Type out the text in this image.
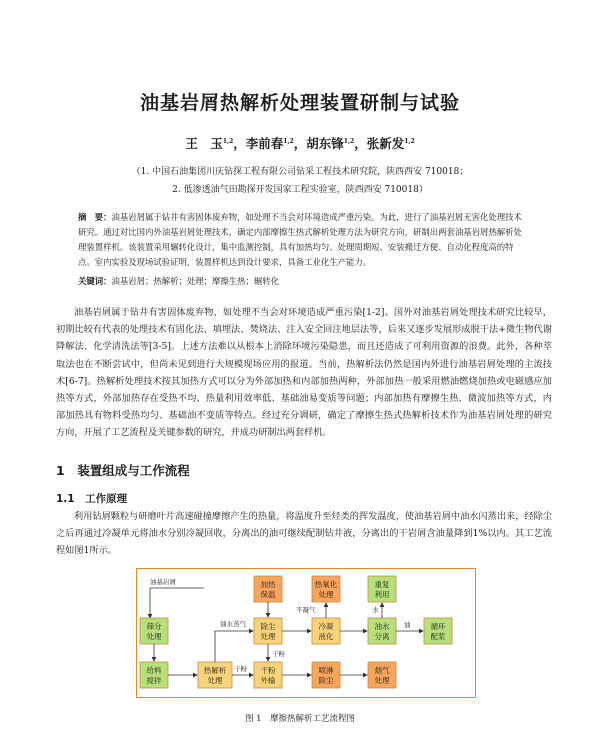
油基岩屑热解析处理装置研制与试验
王　玉$^{1,2}$，李前春$^{1,2}$，胡东锋$^{1,2}$，张新发$^{1,2}$
（1. 中国石油集团川庆钻探工程有限公司钻采工程技术研究院，陕西西安 710018；
2. 低渗透油气田勘探开发国家工程实验室，陕西西安 710018）
摘　要：油基岩屑属于钻井有害固体废弃物，如处理不当会对环境造成严重污染。为此，进行了油基岩屑无害化处理技术研究。通过对比国内外油基岩屑处理技术，确定内部摩擦生热式解析处理方法为研究方向，研制出两套油基岩屑热解析处理装置样机。该装置采用辗转化设计，集中监测控制，具有加热均匀、处理周期短、安装搬迁方便、自动化程度高的特点。室内实验及现场试验证明，装置样机达到设计要求，具备工业化生产能力。
关键词：油基岩屑；热解析；处理；摩擦生热；辗转化
油基岩屑属于钻井有害固体废弃物，如处理不当会对环境造成严重污染[1-2]。国外对油基岩屑处理技术研究比较早，初期比较有代表的处理技术有固化法、填埋法、焚烧法、注入安全回注地层法等，后来又逐步发展形成脱干法+微生物代谢降解法、化学清洗法等[3-5]。上述方法难以从根本上消除环境污染隐患，而且还造成了可利用资源的浪费。此外，各种萃取法也在不断尝试中，但尚未见到进行大规模现场应用的报道。当前，热解析法仍然是国内外进行油基岩屑处理的主流技术[6-7]。热解析处理技术按其加热方式可以分为外部加热和内部加热两种，外部加热一般采用燃油燃烧加热或电磁感应加热等方式，外部加热存在受热不均、热量利用效率低、基础油易变质等问题；内部加热有摩擦生热、微波加热等方式，内部加热具有物料受热均匀、基础油不变质等特点。经过充分调研，确定了摩擦生热式热解析技术作为油基岩屑处理的研究方向，开展了工艺流程及关键参数的研究，并成功研制出两套样机。
1　装置组成与工作流程
1.1　工作原理
利用钻屑颗粒与研磨叶片高速碰撞摩擦产生的热量，将温度升至烃类的挥发温度，使油基岩屑中油水闪蒸出来，经除尘之后再通过冷凝单元将油水分别冷凝回收，分离出的油可继续配制钻井液，分离出的干岩屑含油量降到1%以内。其工艺流程如图1所示。
油基岩屑
筛分
处理
给料
搅拌
热解析
处理
加热
保温
除尘
处理
干粉
外输
热氧化
处理
冷凝
液化
喷淋
除尘
重复
利用
油水
分离
烟气
处理
循环
配浆
油水蒸气
干粉
干粉
不凝气	水
油
图 1　摩擦热解析工艺流程图
